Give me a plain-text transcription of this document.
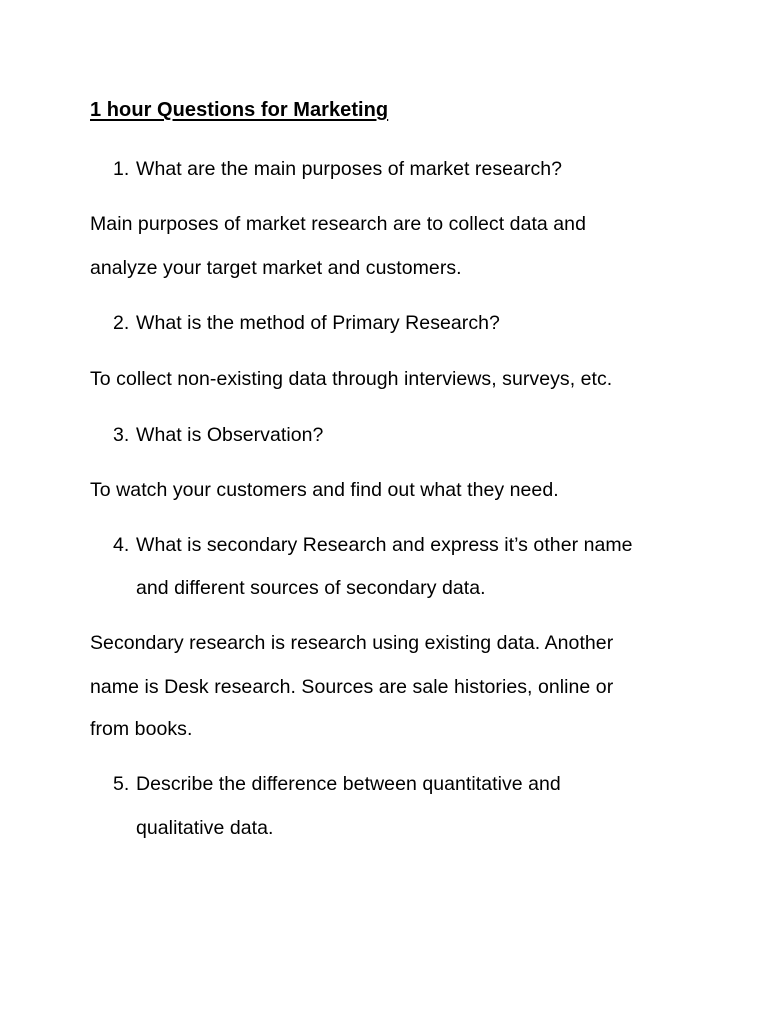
1 hour Questions for Marketing

1. What are the main purposes of market research?

Main purposes of market research are to collect data and

analyze your target market and customers.

2. What is the method of Primary Research?

To collect non-existing data through interviews, surveys, etc.

3. What is Observation?

To watch your customers and find out what they need.

4. What is secondary Research and express it’s other name

and different sources of secondary data.

Secondary research is research using existing data. Another

name is Desk research. Sources are sale histories, online or

from books.

5. Describe the difference between quantitative and

qualitative data.
